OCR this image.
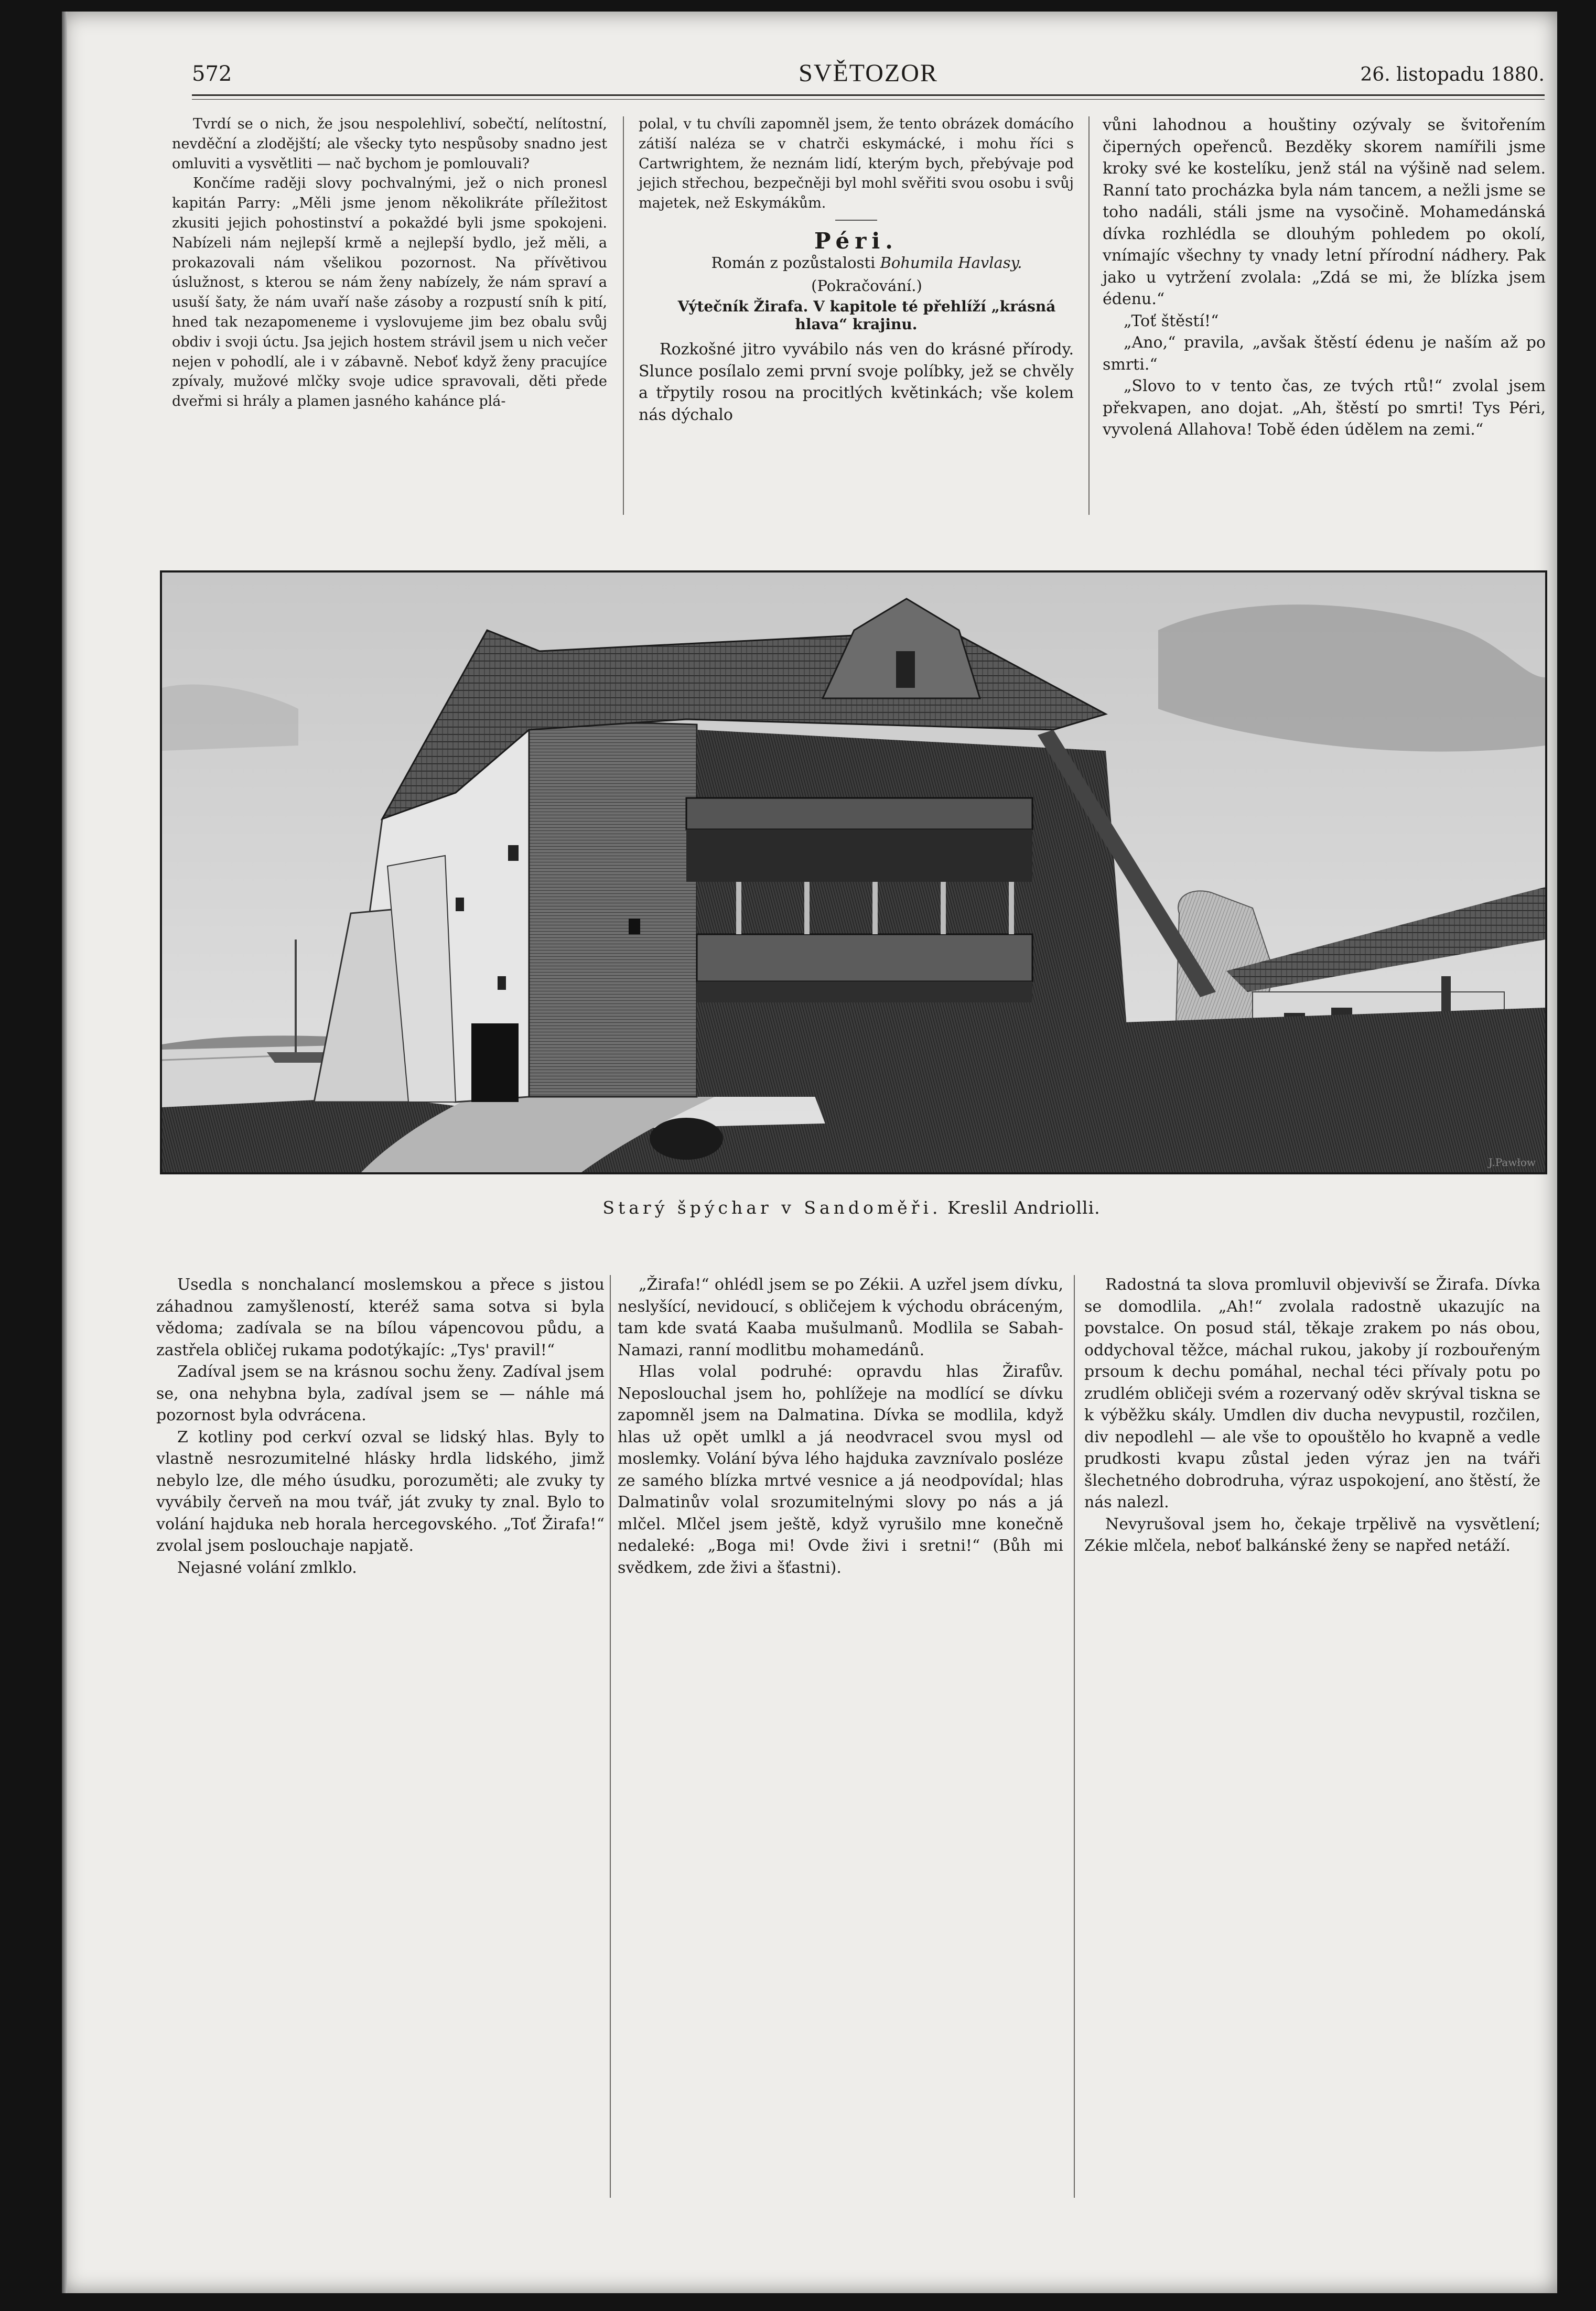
572	SVĚTOZOR	26. listopadu 1880.

Tvrdí se o nich, že jsou nespolehliví, sobečtí, nelítostní, nevděční a zlodějští; ale všecky tyto nespůsoby snadno jest omluviti a vysvětliti — nač bychom je pomlouvali?

Končíme raději slovy pochvalnými, jež o nich pronesl kapitán Parry: „Měli jsme jenom několikráte příležitost zkusiti jejich pohostinství a pokaždé byli jsme spokojeni. Nabízeli nám nejlepší krmě a nejlepší bydlo, jež měli, a prokazovali nám všelikou pozornost. Na přívětivou úslužnost, s kterou se nám ženy nabízely, že nám spraví a usuší šaty, že nám uvaří naše zásoby a rozpustí sníh k pití, hned tak nezapomeneme i vyslovujeme jim bez obalu svůj obdiv i svoji úctu. Jsa jejich hostem strávil jsem u nich večer nejen v pohodlí, ale i v zábavně. Neboť když ženy pracujíce zpívaly, mužové mlčky svoje udice spravovali, děti přede dveřmi si hrály a plamen jasného kahánce plá-

polal, v tu chvíli zapomněl jsem, že tento obrázek domácího zátiší naléza se v chatrči eskymácké, i mohu říci s Cartwrightem, že neznám lidí, kterým bych, přebývaje pod jejich střechou, bezpečněji byl mohl svěřiti svou osobu i svůj majetek, než Eskymákům.

Péri.

Román z pozůstalosti Bohumila Havlasy.

(Pokračování.)

Výtečník Žirafa. V kapitole té přehlíží „krásná hlava“ krajinu.

Rozkošné jitro vyvábilo nás ven do krásné přírody. Slunce posílalo zemi první svoje políbky, jež se chvěly a třpytily rosou na procitlých květinkách; vše kolem nás dýchalo

vůni lahodnou a houštiny ozývaly se švitořením čiperných opeřenců. Bezděky skorem namířili jsme kroky své ke kostelíku, jenž stál na výšině nad selem. Ranní tato procházka byla nám tancem, a nežli jsme se toho nadáli, stáli jsme na vysočině. Mohamedánská dívka rozhlédla se dlouhým pohledem po okolí, vnímajíc všechny ty vnady letní přírodní nádhery. Pak jako u vytržení zvolala: „Zdá se mi, že blízka jsem édenu.“

„Toť štěstí!“

„Ano,“ pravila, „avšak štěstí édenu je naším až po smrti.“

„Slovo to v tento čas, ze tvých rtů!“ zvolal jsem překvapen, ano dojat. „Ah, štěstí po smrti! Tys Péri, vyvolená Allahova! Tobě éden údělem na zemi.“

J.Pawłow
Starý špýchar v Sandoměři. Kreslil Andriolli.

Usedla s nonchalancí moslemskou a přece s jistou záhadnou zamyšleností, kteréž sama sotva si byla vědoma; zadívala se na bílou vápencovou půdu, a zastřela obličej rukama podotýkajíc: „Tys' pravil!“

Zadíval jsem se na krásnou sochu ženy. Zadíval jsem se, ona nehybna byla, zadíval jsem se — náhle má pozornost byla odvrácena.

Z kotliny pod cerkví ozval se lidský hlas. Byly to vlastně nesrozumitelné hlásky hrdla lidského, jimž nebylo lze, dle mého úsudku, porozuměti; ale zvuky ty vyvábily červeň na mou tvář, ját zvuky ty znal. Bylo to volání hajduka neb horala hercegovského. „Toť Žirafa!“ zvolal jsem poslouchaje napjatě.

Nejasné volání zmlklo.

„Žirafa!“ ohlédl jsem se po Zékii. A uzřel jsem dívku, neslyšící, nevidoucí, s obličejem k východu obráceným, tam kde svatá Kaaba mušulmanů. Modlila se Sabah-Namazi, ranní modlitbu mohamedánů.

Hlas volal podruhé: opravdu hlas Žirafův. Neposlouchal jsem ho, pohlížeje na modlící se dívku zapomněl jsem na Dalmatina. Dívka se modlila, když hlas už opět umlkl a já neodvracel svou mysl od moslemky. Volání býva lého hajduka zavznívalo posléze ze samého blízka mrtvé vesnice a já neodpovídal; hlas Dalmatinův volal srozumitelnými slovy po nás a já mlčel. Mlčel jsem ještě, když vyrušilo mne konečně nedaleké: „Boga mi! Ovde živi i sretni!“ (Bůh mi svědkem, zde živi a šťastni).

Radostná ta slova promluvil objevivší se Žirafa. Dívka se domodlila. „Ah!“ zvolala radostně ukazujíc na povstalce. On posud stál, těkaje zrakem po nás obou, oddychoval těžce, máchal rukou, jakoby jí rozbouřeným prsoum k dechu pomáhal, nechal téci přívaly potu po zrudlém obličeji svém a rozervaný oděv skrýval tiskna se k výběžku skály. Umdlen div ducha nevypustil, rozčilen, div nepodlehl — ale vše to opouštělo ho kvapně a vedle prudkosti kvapu zůstal jeden výraz jen na tváři šlechetného dobrodruha, výraz uspokojení, ano štěstí, že nás nalezl.

Nevyrušoval jsem ho, čekaje trpělivě na vysvětlení; Zékie mlčela, neboť balkánské ženy se napřed netáží.
